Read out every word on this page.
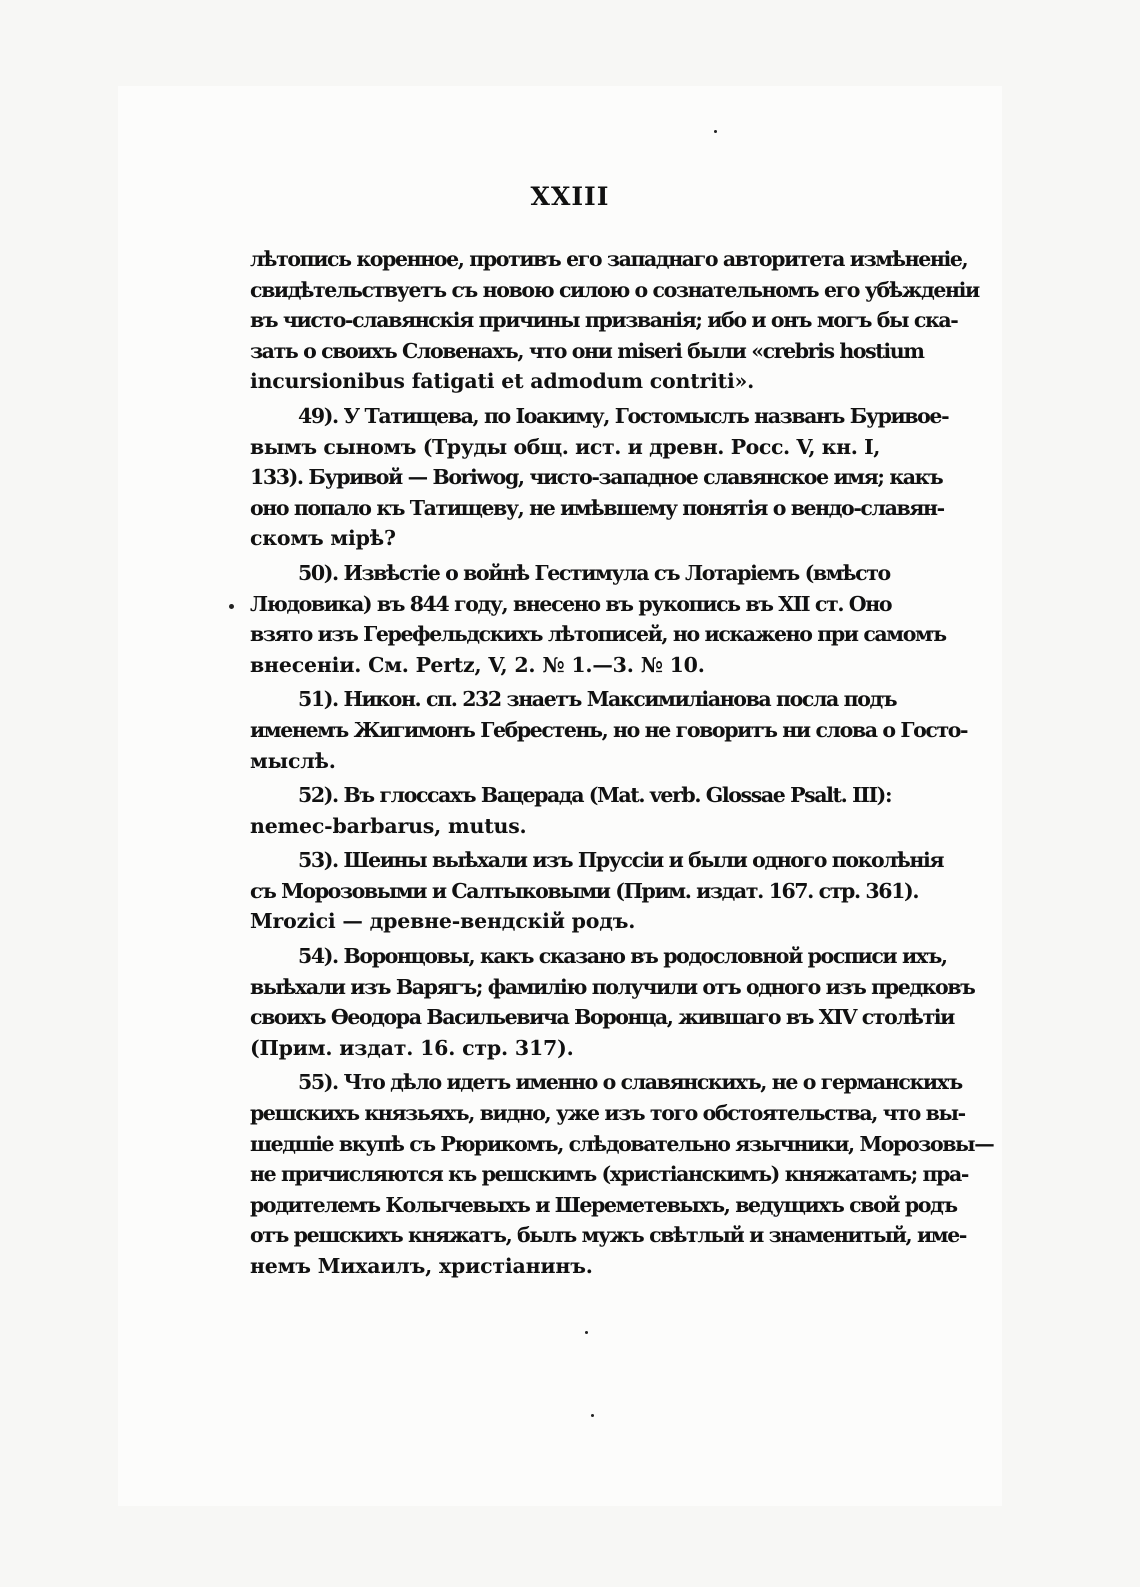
XXIII
лѣтопись коренное, противъ его западнаго авторитета измѣненіе,
свидѣтельствуетъ съ новою силою о сознательномъ его убѣжденіи
въ чисто-славянскія причины призванія; ибо и онъ могъ бы ска-
зать о своихъ Словенахъ, что они miseri были «crebris hostium
incursionibus fatigati et admodum contriti».
49). У Татищева, по Іоакиму, Гостомыслъ названъ Буривое-
вымъ сыномъ (Труды общ. ист. и древн. Росс. V, кн. I,
133). Буривой — Boriwog, чисто-западное славянское имя; какъ
оно попало къ Татищеву, не имѣвшему понятія о вендо-славян-
скомъ мірѣ?
50). Извѣстіе о войнѣ Гестимула съ Лотаріемъ (вмѣсто
Людовика) въ 844 году, внесено въ рукопись въ XII ст. Оно
взято изъ Герефельдскихъ лѣтописей, но искажено при самомъ
внесеніи. См. Pertz, V, 2. № 1.—3. № 10.
51). Никон. сп. 232 знаетъ Максимиліанова посла подъ
именемъ Жигимонъ Гебрестень, но не говоритъ ни слова о Госто-
мыслѣ.
52). Въ глоссахъ Вацерада (Mat. verb. Glossae Psalt. III):
nemec-barbarus, mutus.
53). Шеины выѣхали изъ Пруссіи и были одного поколѣнія
съ Морозовыми и Салтыковыми (Прим. издат. 167. стр. 361).
Mrozici — древне-вендскій родъ.
54). Воронцовы, какъ сказано въ родословной росписи ихъ,
выѣхали изъ Варягъ; фамилію получили отъ одного изъ предковъ
своихъ Ѳеодора Васильевича Воронца, жившаго въ XIV столѣтіи
(Прим. издат. 16. стр. 317).
55). Что дѣло идетъ именно о славянскихъ, не о германскихъ
решскихъ князьяхъ, видно, уже изъ того обстоятельства, что вы-
шедшіе вкупѣ съ Рюрикомъ, слѣдовательно язычники, Морозовы—
не причисляются къ решскимъ (христіанскимъ) княжатамъ; пра-
родителемъ Колычевыхъ и Шереметевыхъ, ведущихъ свой родъ
отъ решскихъ княжатъ, былъ мужъ свѣтлый и знаменитый, име-
немъ Михаилъ, христіанинъ.
